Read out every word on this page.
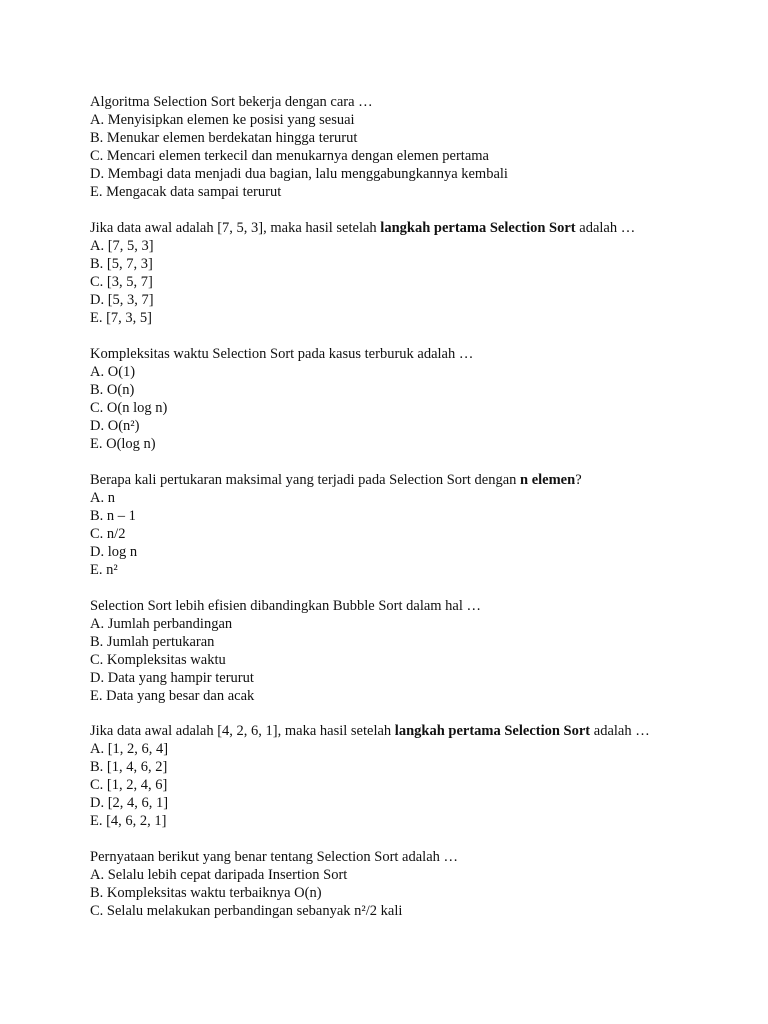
Algoritma Selection Sort bekerja dengan cara …
A. Menyisipkan elemen ke posisi yang sesuai
B. Menukar elemen berdekatan hingga terurut
C. Mencari elemen terkecil dan menukarnya dengan elemen pertama
D. Membagi data menjadi dua bagian, lalu menggabungkannya kembali
E. Mengacak data sampai terurut
Jika data awal adalah [7, 5, 3], maka hasil setelah langkah pertama Selection Sort adalah …
A. [7, 5, 3]
B. [5, 7, 3]
C. [3, 5, 7]
D. [5, 3, 7]
E. [7, 3, 5]
Kompleksitas waktu Selection Sort pada kasus terburuk adalah …
A. O(1)
B. O(n)
C. O(n log n)
D. O(n²)
E. O(log n)
Berapa kali pertukaran maksimal yang terjadi pada Selection Sort dengan n elemen?
A. n
B. n – 1
C. n/2
D. log n
E. n²
Selection Sort lebih efisien dibandingkan Bubble Sort dalam hal …
A. Jumlah perbandingan
B. Jumlah pertukaran
C. Kompleksitas waktu
D. Data yang hampir terurut
E. Data yang besar dan acak
Jika data awal adalah [4, 2, 6, 1], maka hasil setelah langkah pertama Selection Sort adalah …
A. [1, 2, 6, 4]
B. [1, 4, 6, 2]
C. [1, 2, 4, 6]
D. [2, 4, 6, 1]
E. [4, 6, 2, 1]
Pernyataan berikut yang benar tentang Selection Sort adalah …
A. Selalu lebih cepat daripada Insertion Sort
B. Kompleksitas waktu terbaiknya O(n)
C. Selalu melakukan perbandingan sebanyak n²/2 kali
